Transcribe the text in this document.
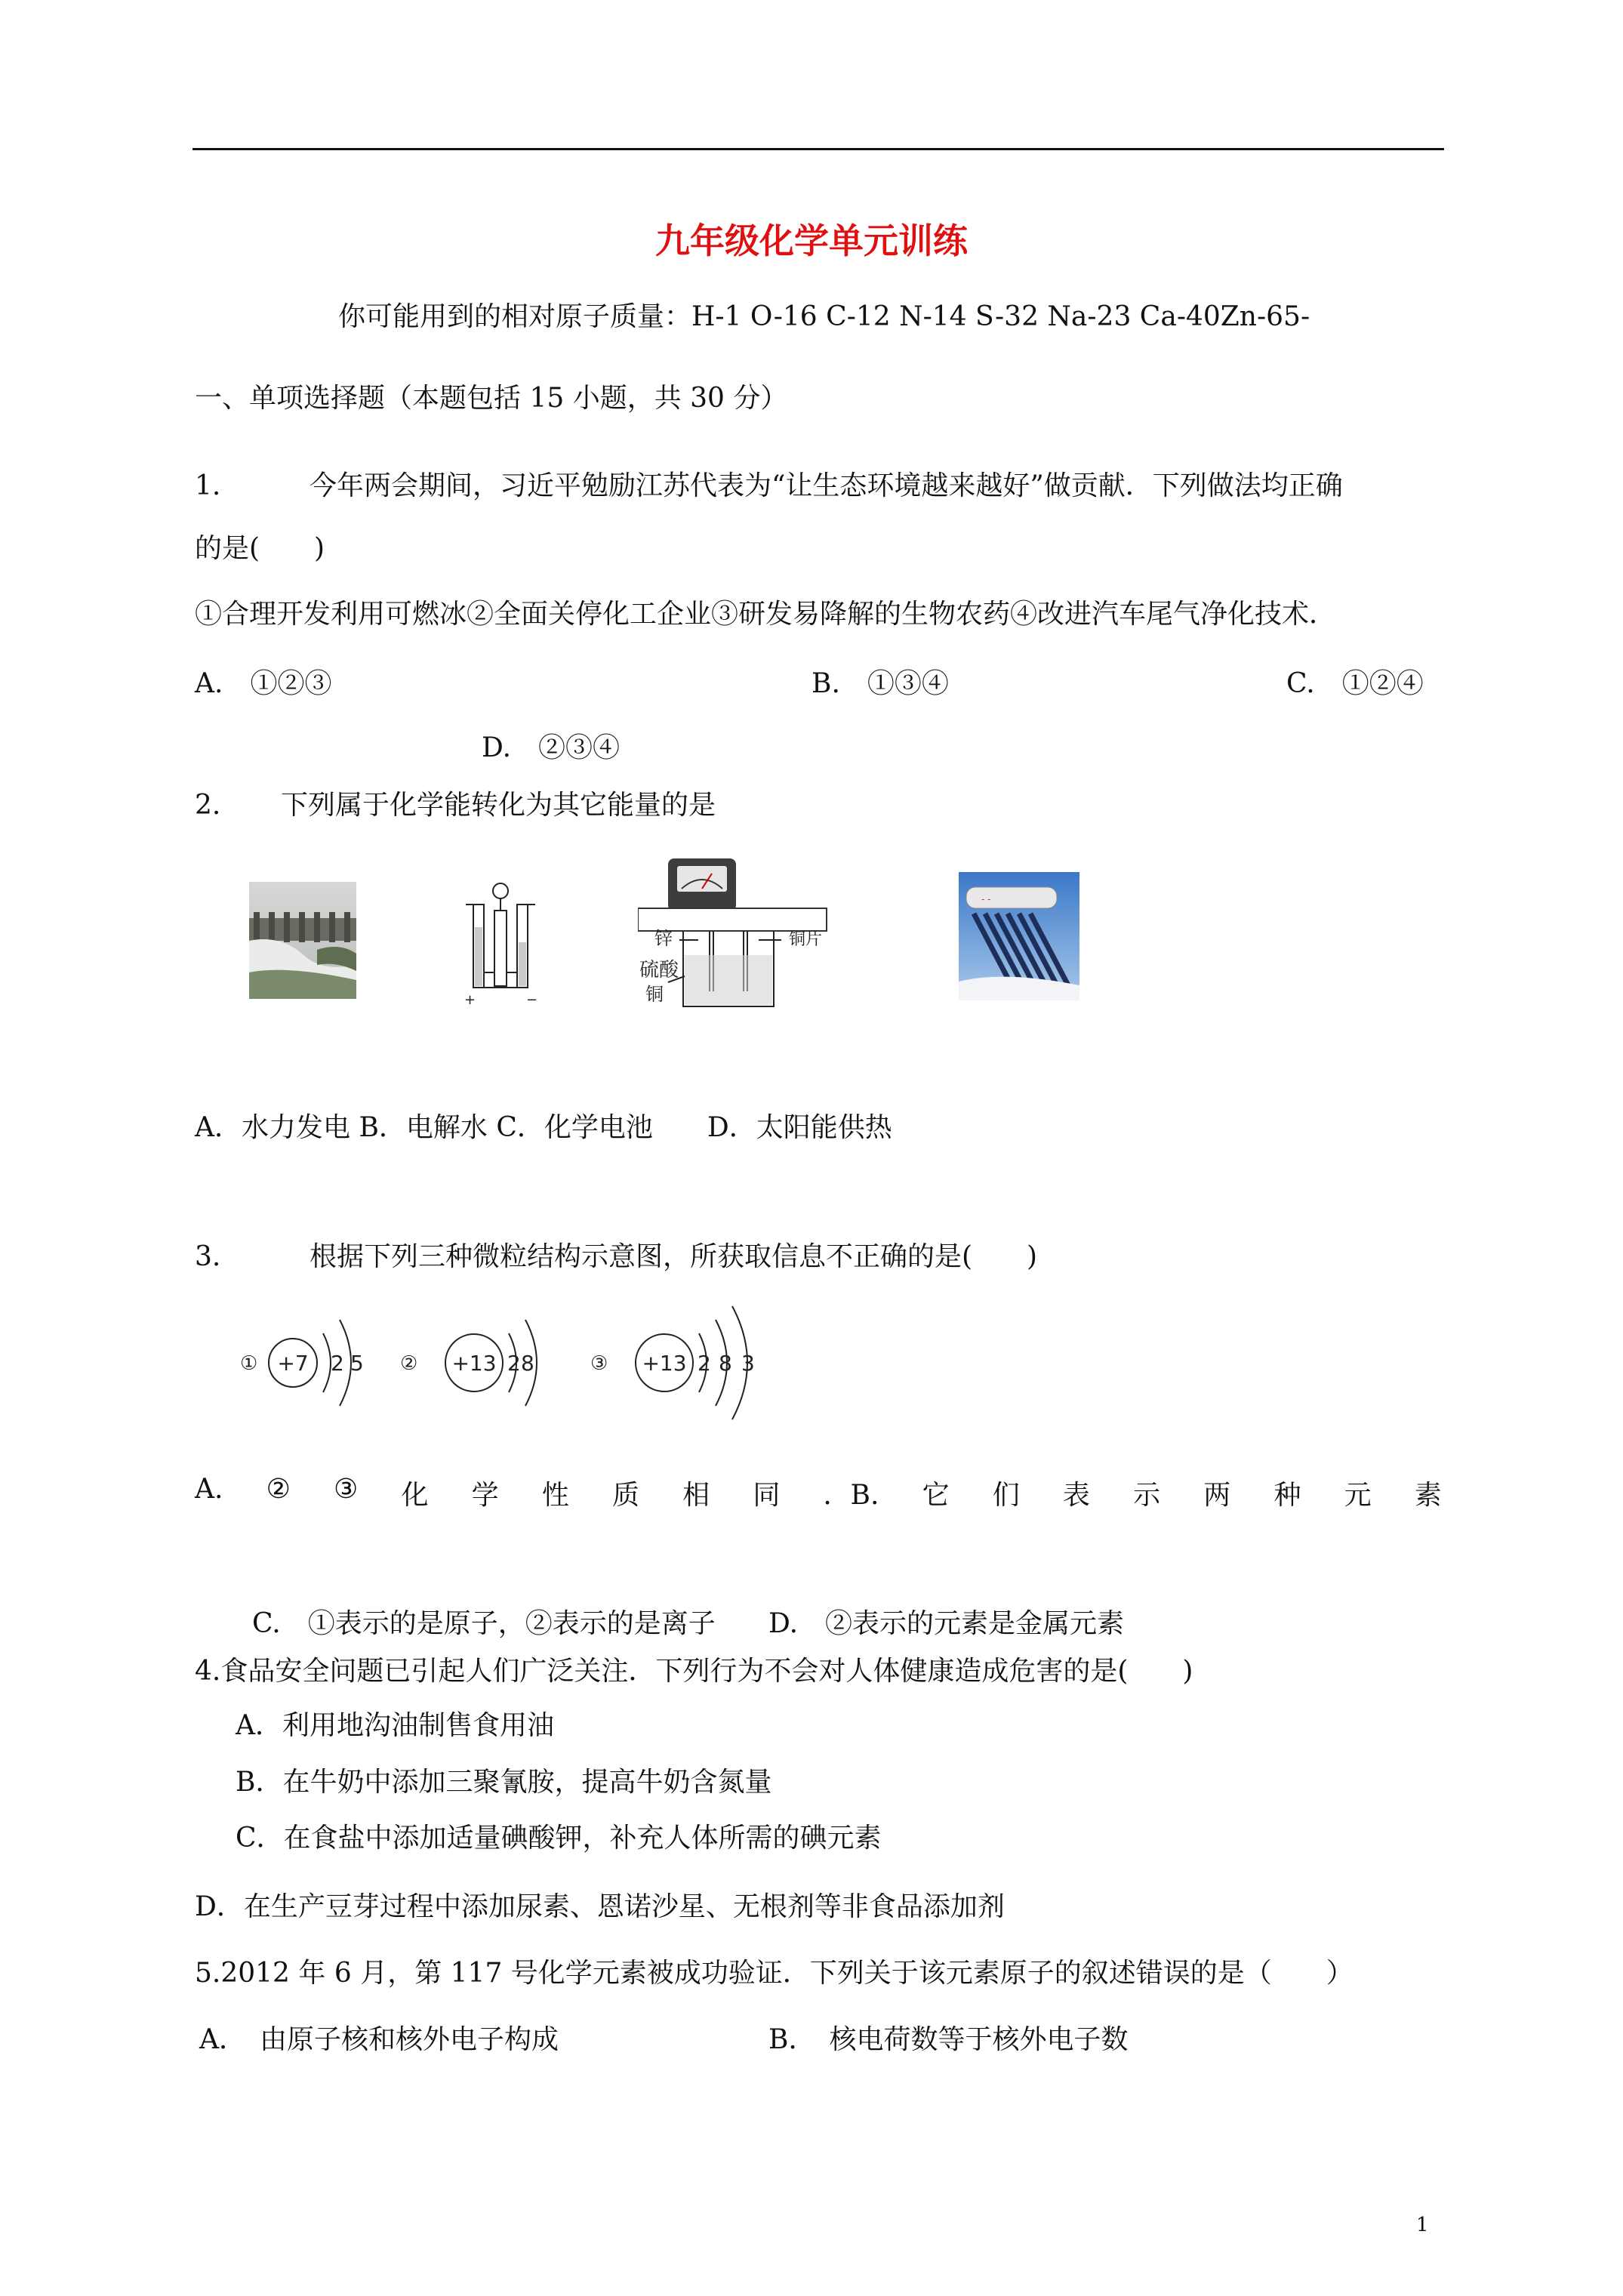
九年级化学单元训练
你可能用到的相对原子质量：H-1 O-16 C-12 N-14 S-32 Na-23 Ca-40Zn-65-
一、单项选择题（本题包括 15 小题，共 30 分）
1.	今年两会期间，习近平勉励江苏代表为“让生态环境越来越好”做贡献．下列做法均正确
的是(　　)
①合理开发利用可燃冰②全面关停化工企业③研发易降解的生物农药④改进汽车尾气净化技术．
A.　①②③	B.　①③④	C.　①②④
D.　②③④
2. 下列属于化学能转化为其它能量的是
+	−
锌	铜片
硫酸
铜
- -
A．水力发电 B．电解水 C．化学电池　　D．太阳能供热
3.	根据下列三种微粒结构示意图，所获取信息不正确的是(　　)
① +7 2 5 ② +13 2 8	③ +13 2 8 3
A. ② ③ 化 学 性 质 相 同 ．B. 它 们 表 示 两 种 元 素
C.　①表示的是原子，②表示的是离子 D.　②表示的元素是金属元素
4.食品安全问题已引起人们广泛关注．下列行为不会对人体健康造成危害的是(　　)
A．利用地沟油制售食用油
B．在牛奶中添加三聚氰胺，提高牛奶含氮量
C．在食盐中添加适量碘酸钾，补充人体所需的碘元素
D．在生产豆芽过程中添加尿素、恩诺沙星、无根剂等非食品添加剂
5.2012 年 6 月，第 117 号化学元素被成功验证．下列关于该元素原子的叙述错误的是（　　）
A．　由原子核和核外电子构成	B．　核电荷数等于核外电子数
1
